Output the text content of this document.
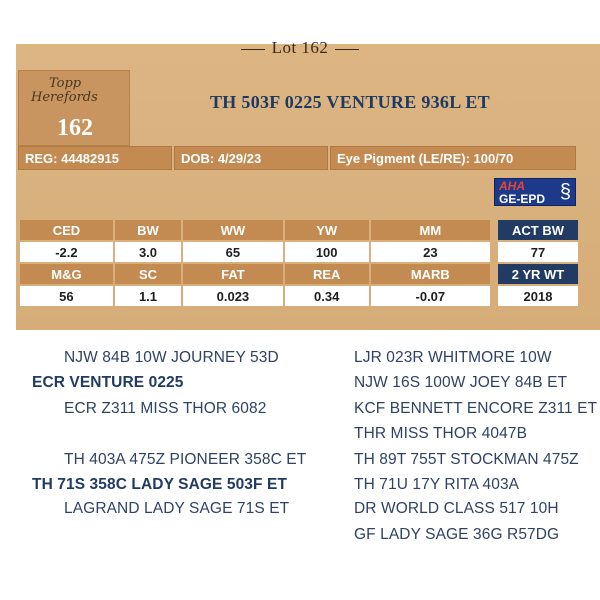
Lot 162
Topp
Herefords
162
TH 503F 0225 VENTURE 936L ET
REG: 44482915	DOB: 4/29/23	Eye Pigment (LE/RE): 100/70
AHA
GE-EPD §
CED	BW	WW	YW	MM
-2.2	3.0	65	100	23
M&G	SC	FAT	REA	MARB
56	1.1	0.023	0.34	-0.07
ACT BW
77
2 YR WT
2018
NJW 84B 10W JOURNEY 53D
ECR VENTURE 0225
ECR Z311 MISS THOR 6082
TH 403A 475Z PIONEER 358C ET
TH 71S 358C LADY SAGE 503F ET
LAGRAND LADY SAGE 71S ET
LJR 023R WHITMORE 10W
NJW 16S 100W JOEY 84B ET
KCF BENNETT ENCORE Z311 ET
THR MISS THOR 4047B
TH 89T 755T STOCKMAN 475Z
TH 71U 17Y RITA 403A
DR WORLD CLASS 517 10H
GF LADY SAGE 36G R57DG
